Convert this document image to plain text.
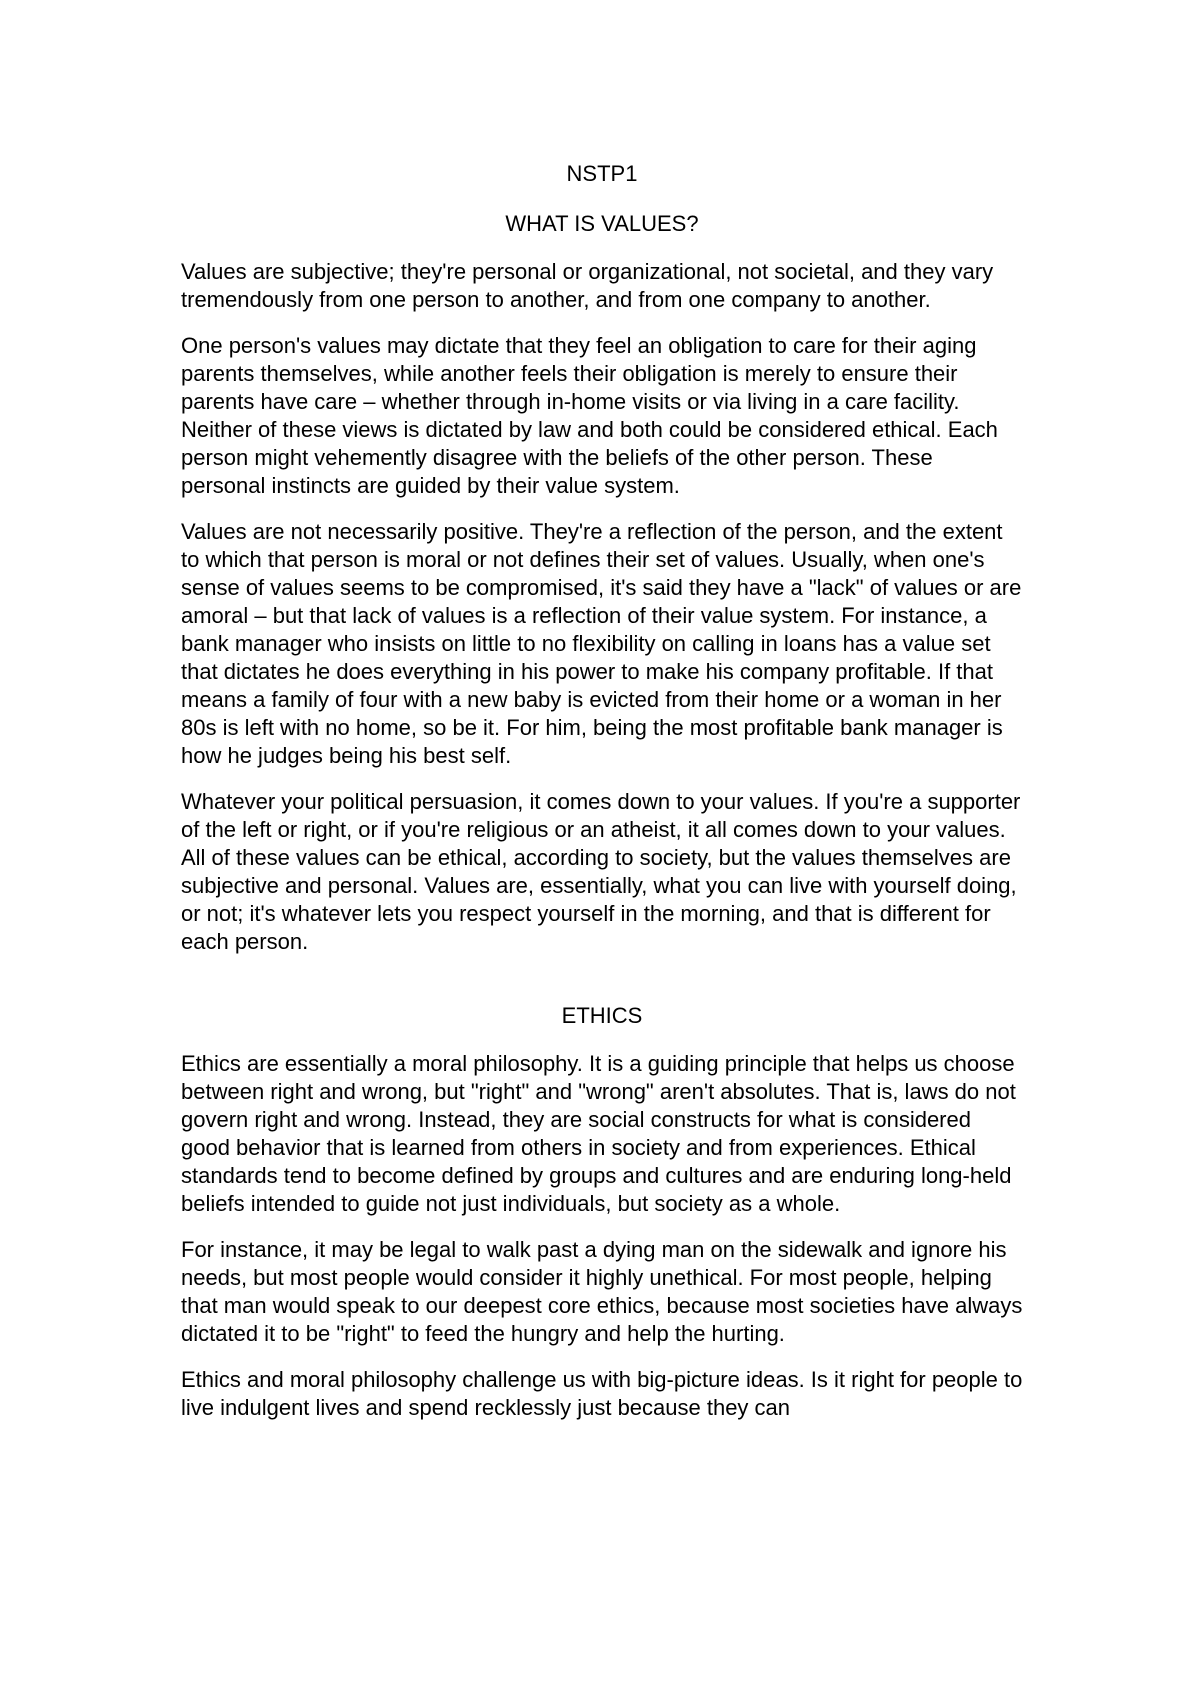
NSTP1
WHAT IS VALUES?

Values are subjective; they're personal or organizational, not societal, and they vary tremendously from one person to another, and from one company to another.

One person's values may dictate that they feel an obligation to care for their aging parents themselves, while another feels their obligation is merely to ensure their parents have care – whether through in-home visits or via living in a care facility. Neither of these views is dictated by law and both could be considered ethical. Each person might vehemently disagree with the beliefs of the other person. These personal instincts are guided by their value system.

Values are not necessarily positive. They're a reflection of the person, and the extent to which that person is moral or not defines their set of values. Usually, when one's sense of values seems to be compromised, it's said they have a "lack" of values or are amoral – but that lack of values is a reflection of their value system. For instance, a bank manager who insists on little to no flexibility on calling in loans has a value set that dictates he does everything in his power to make his company profitable. If that means a family of four with a new baby is evicted from their home or a woman in her 80s is left with no home, so be it. For him, being the most profitable bank manager is how he judges being his best self.

Whatever your political persuasion, it comes down to your values. If you're a supporter of the left or right, or if you're religious or an atheist, it all comes down to your values. All of these values can be ethical, according to society, but the values themselves are subjective and personal. Values are, essentially, what you can live with yourself doing, or not; it's whatever lets you respect yourself in the morning, and that is different for each person.

ETHICS

Ethics are essentially a moral philosophy. It is a guiding principle that helps us choose between right and wrong, but "right" and "wrong" aren't absolutes. That is, laws do not govern right and wrong. Instead, they are social constructs for what is considered good behavior that is learned from others in society and from experiences. Ethical standards tend to become defined by groups and cultures and are enduring long-held beliefs intended to guide not just individuals, but society as a whole.

For instance, it may be legal to walk past a dying man on the sidewalk and ignore his needs, but most people would consider it highly unethical. For most people, helping that man would speak to our deepest core ethics, because most societies have always dictated it to be "right" to feed the hungry and help the hurting.

Ethics and moral philosophy challenge us with big-picture ideas. Is it right for people to live indulgent lives and spend recklessly just because they can
